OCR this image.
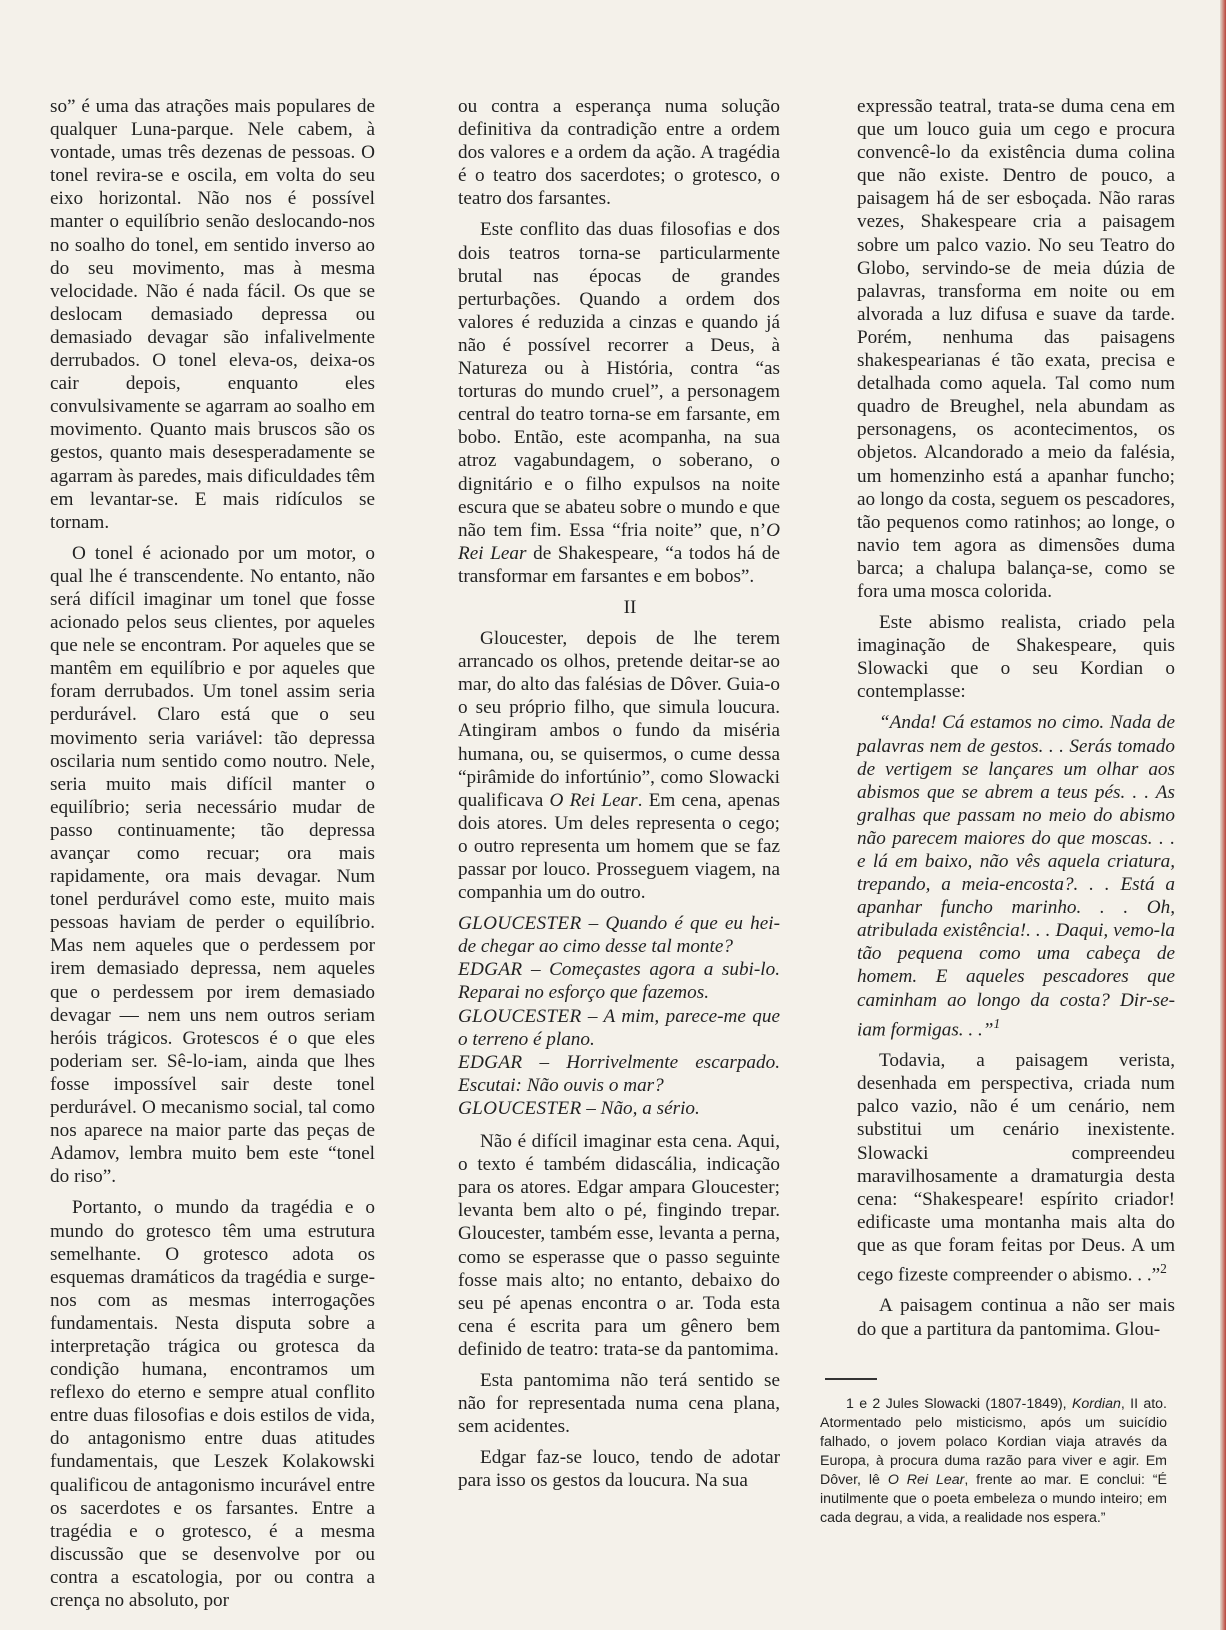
so” é uma das atrações mais populares de qualquer Luna-parque. Nele cabem, à vontade, umas três dezenas de pessoas. O tonel revira-se e oscila, em volta do seu eixo horizontal. Não nos é possível manter o equilíbrio senão deslocando-nos no soalho do tonel, em sentido inverso ao do seu movimento, mas à mesma velocidade. Não é nada fácil. Os que se deslocam demasiado depressa ou demasiado devagar são infalivelmente derrubados. O tonel eleva-os, deixa-os cair depois, enquanto eles convulsivamente se agarram ao soalho em movimento. Quanto mais bruscos são os gestos, quanto mais desesperadamente se agarram às paredes, mais dificuldades têm em levantar-se. E mais ridículos se tornam.

O tonel é acionado por um motor, o qual lhe é transcendente. No entanto, não será difícil imaginar um tonel que fosse acionado pelos seus clientes, por aqueles que nele se encontram. Por aqueles que se mantêm em equilíbrio e por aqueles que foram derrubados. Um tonel assim seria perdurável. Claro está que o seu movimento seria variável: tão depressa oscilaria num sentido como noutro. Nele, seria muito mais difícil manter o equilíbrio; seria necessário mudar de passo continuamente; tão depressa avançar como recuar; ora mais rapidamente, ora mais devagar. Num tonel perdurável como este, muito mais pessoas haviam de perder o equilíbrio. Mas nem aqueles que o perdessem por irem demasiado depressa, nem aqueles que o perdessem por irem demasiado devagar — nem uns nem outros seriam heróis trágicos. Grotescos é o que eles poderiam ser. Sê-lo-iam, ainda que lhes fosse impossível sair deste tonel perdurável. O mecanismo social, tal como nos aparece na maior parte das peças de Adamov, lembra muito bem este “tonel do riso”.

Portanto, o mundo da tragédia e o mundo do grotesco têm uma estrutura semelhante. O grotesco adota os esquemas dramáticos da tragédia e surge-nos com as mesmas interrogações fundamentais. Nesta disputa sobre a interpretação trágica ou grotesca da condição humana, encontramos um reflexo do eterno e sempre atual conflito entre duas filosofias e dois estilos de vida, do antagonismo entre duas atitudes fundamentais, que Leszek Kolakowski qualificou de antagonismo incurável entre os sacerdotes e os farsantes. Entre a tragédia e o grotesco, é a mesma discussão que se desenvolve por ou contra a escatologia, por ou contra a crença no absoluto, por

ou contra a esperança numa solução definitiva da contradição entre a ordem dos valores e a ordem da ação. A tragédia é o teatro dos sacerdotes; o grotesco, o teatro dos farsantes.

Este conflito das duas filosofias e dos dois teatros torna-se particularmente brutal nas épocas de grandes perturbações. Quando a ordem dos valores é reduzida a cinzas e quando já não é possível recorrer a Deus, à Natureza ou à História, contra “as torturas do mundo cruel”, a personagem central do teatro torna-se em farsante, em bobo. Então, este acompanha, na sua atroz vagabundagem, o soberano, o dignitário e o filho expulsos na noite escura que se abateu sobre o mundo e que não tem fim. Essa “fria noite” que, n’O Rei Lear de Shakespeare, “a todos há de transformar em farsantes e em bobos”.

II

Gloucester, depois de lhe terem arrancado os olhos, pretende deitar-se ao mar, do alto das falésias de Dôver. Guia-o o seu próprio filho, que simula loucura. Atingiram ambos o fundo da miséria humana, ou, se quisermos, o cume dessa “pirâmide do infortúnio”, como Slowacki qualificava O Rei Lear. Em cena, apenas dois atores. Um deles representa o cego; o outro representa um homem que se faz passar por louco. Prosseguem viagem, na companhia um do outro.

GLOUCESTER – Quando é que eu hei-de chegar ao cimo desse tal monte?
EDGAR – Começastes agora a subi-lo. Reparai no esforço que fazemos.
GLOUCESTER – A mim, parece-me que o terreno é plano.
EDGAR – Horrivelmente escarpado. Escutai: Não ouvis o mar?
GLOUCESTER – Não, a sério.

Não é difícil imaginar esta cena. Aqui, o texto é também didascália, indicação para os atores. Edgar ampara Gloucester; levanta bem alto o pé, fingindo trepar. Gloucester, também esse, levanta a perna, como se esperasse que o passo seguinte fosse mais alto; no entanto, debaixo do seu pé apenas encontra o ar. Toda esta cena é escrita para um gênero bem definido de teatro: trata-se da pantomima.

Esta pantomima não terá sentido se não for representada numa cena plana, sem acidentes.

Edgar faz-se louco, tendo de adotar para isso os gestos da loucura. Na sua

expressão teatral, trata-se duma cena em que um louco guia um cego e procura convencê-lo da existência duma colina que não existe. Dentro de pouco, a paisagem há de ser esboçada. Não raras vezes, Shakespeare cria a paisagem sobre um palco vazio. No seu Teatro do Globo, servindo-se de meia dúzia de palavras, transforma em noite ou em alvorada a luz difusa e suave da tarde. Porém, nenhuma das paisagens shakespearianas é tão exata, precisa e detalhada como aquela. Tal como num quadro de Breughel, nela abundam as personagens, os acontecimentos, os objetos. Alcandorado a meio da falésia, um homenzinho está a apanhar funcho; ao longo da costa, seguem os pescadores, tão pequenos como ratinhos; ao longe, o navio tem agora as dimensões duma barca; a chalupa balança-se, como se fora uma mosca colorida.

Este abismo realista, criado pela imaginação de Shakespeare, quis Slowacki que o seu Kordian o contemplasse:

“Anda! Cá estamos no cimo. Nada de palavras nem de gestos. . . Serás tomado de vertigem se lançares um olhar aos abismos que se abrem a teus pés. . . As gralhas que passam no meio do abismo não parecem maiores do que moscas. . . e lá em baixo, não vês aquela criatura, trepando, a meia-encosta?. . . Está a apanhar funcho marinho. . . Oh, atribulada existência!. . . Daqui, vemo-la tão pequena como uma cabeça de homem. E aqueles pescadores que caminham ao longo da costa? Dir-se-iam formigas. . .”$^1$

Todavia, a paisagem verista, desenhada em perspectiva, criada num palco vazio, não é um cenário, nem substitui um cenário inexistente. Slowacki compreendeu maravilhosamente a dramaturgia desta cena: “Shakespeare! espírito criador! edificaste uma montanha mais alta do que as que foram feitas por Deus. A um cego fizeste compreender o abismo. . .”$^2$

A paisagem continua a não ser mais do que a partitura da pantomima. Glou-

1 e 2 Jules Slowacki (1807-1849), Kordian, II ato. Atormentado pelo misticismo, após um suicídio falhado, o jovem polaco Kordian viaja através da Europa, à procura duma razão para viver e agir. Em Dôver, lê O Rei Lear, frente ao mar. E conclui: “É inutilmente que o poeta embeleza o mundo inteiro; em cada degrau, a vida, a realidade nos espera.”
